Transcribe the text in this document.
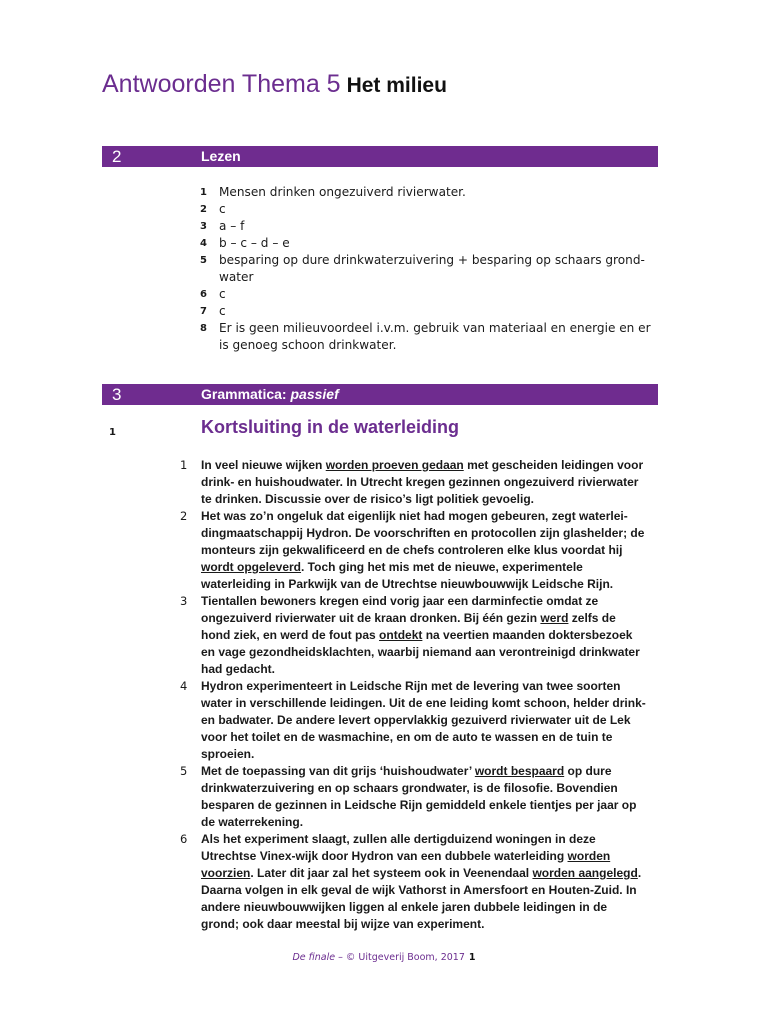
Antwoorden Thema 5 Het milieu
2	Lezen
1 Mensen drinken ongezuiverd rivierwater.
2 c
3 a – f
4 b – c – d – e
5 besparing op dure drinkwaterzuivering + besparing op schaars grond-water
6 c
7 c
8 Er is geen milieuvoordeel i.v.m. gebruik van materiaal en energie en er is genoeg schoon drinkwater.
3	Grammatica: passief
1	Kortsluiting in de waterleiding
1 In veel nieuwe wijken worden proeven gedaan met gescheiden leidingen voor drink- en huishoudwater. In Utrecht kregen gezinnen ongezuiverd rivierwater te drinken. Discussie over de risico’s ligt politiek gevoelig.
2 Het was zo’n ongeluk dat eigenlijk niet had mogen gebeuren, zegt waterleidingmaatschappij Hydron. De voorschriften en protocollen zijn glashelder; de monteurs zijn gekwalificeerd en de chefs controleren elke klus voordat hij wordt opgeleverd. Toch ging het mis met de nieuwe, experimentele waterleiding in Parkwijk van de Utrechtse nieuwbouwwijk Leidsche Rijn.
3 Tientallen bewoners kregen eind vorig jaar een darminfectie omdat ze ongezuiverd rivierwater uit de kraan dronken. Bij één gezin werd zelfs de hond ziek, en werd de fout pas ontdekt na veertien maanden doktersbezoek en vage gezondheidsklachten, waarbij niemand aan verontreinigd drinkwater had gedacht.
4 Hydron experimenteert in Leidsche Rijn met de levering van twee soorten water in verschillende leidingen. Uit de ene leiding komt schoon, helder drink- en badwater. De andere levert oppervlakkig gezuiverd rivierwater uit de Lek voor het toilet en de wasmachine, en om de auto te wassen en de tuin te sproeien.
5 Met de toepassing van dit grijs ‘huishoudwater’ wordt bespaard op dure drinkwaterzuivering en op schaars grondwater, is de filosofie. Bovendien besparen de gezinnen in Leidsche Rijn gemiddeld enkele tientjes per jaar op de waterrekening.
6 Als het experiment slaagt, zullen alle dertigduizend woningen in deze Utrechtse Vinex-wijk door Hydron van een dubbele waterleiding worden voorzien. Later dit jaar zal het systeem ook in Veenendaal worden aangelegd. Daarna volgen in elk geval de wijk Vathorst in Amersfoort en Houten-Zuid. In andere nieuwbouwwijken liggen al enkele jaren dubbele leidingen in de grond; ook daar meestal bij wijze van experiment.
De finale – © Uitgeverij Boom, 2017 1
